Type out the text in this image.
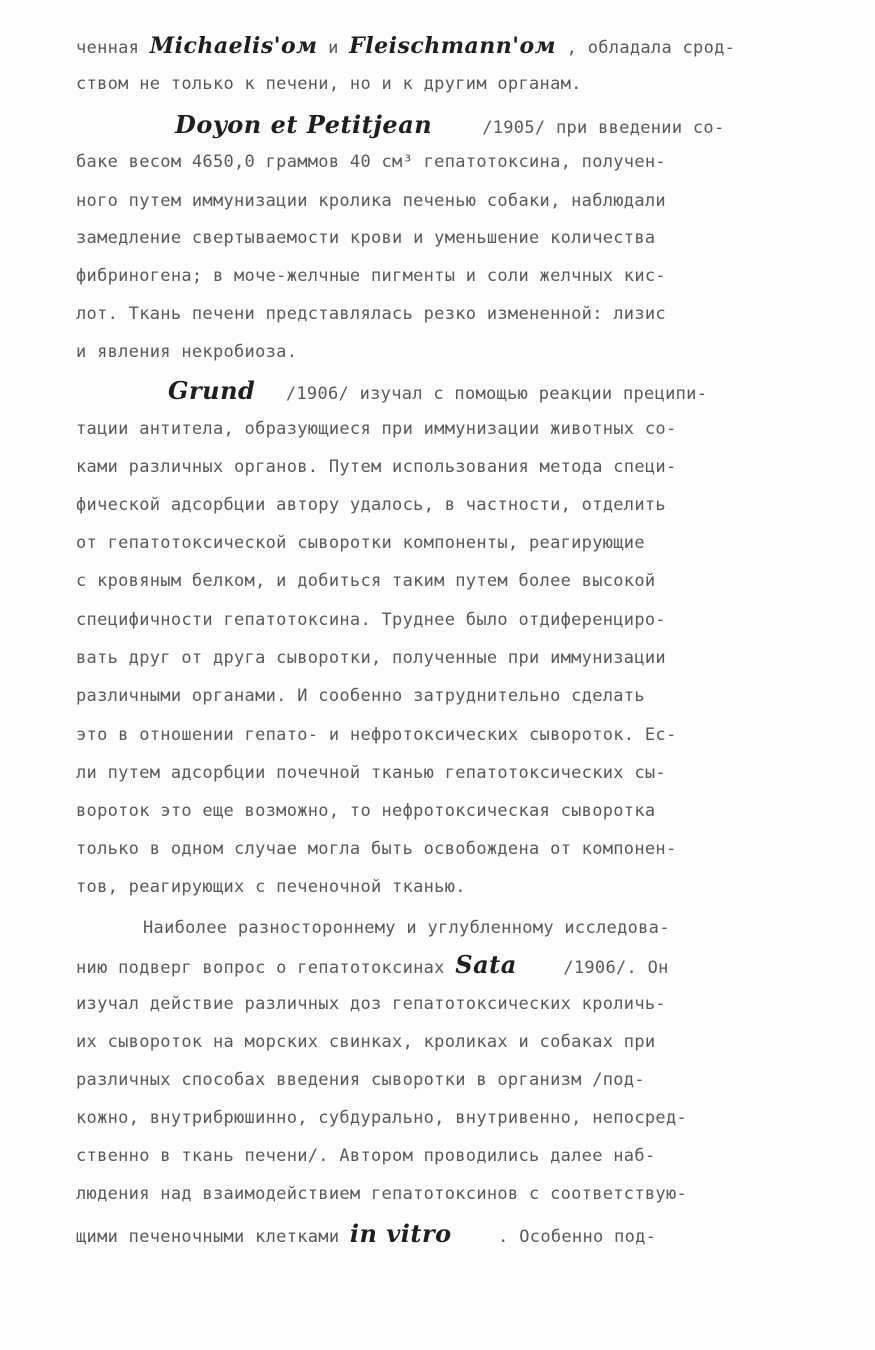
ченная Michaelis'ом и Fleischmann'ом , обладала срод-
ством не только к печени, но и к другим органам.
Doyon et Petitjean	/1905/ при введении со-
баке весом 4650,0 граммов 40 см³ гепатотоксина, получен-
ного путем иммунизации кролика печенью собаки, наблюдали
замедление свертываемости крови и уменьшение количества
фибриногена; в моче-желчные пигменты и соли желчных кис-
лот. Ткань печени представлялась резко измененной: лизис
и явления некробиоза.
Grund /1906/ изучал с помощью реакции преципи-
тации антитела, образующиеся при иммунизации животных со-
ками различных органов. Путем использования метода специ-
фической адсорбции автору удалось, в частности, отделить
от гепатотоксической сыворотки компоненты, реагирующие
с кровяным белком, и добиться таким путем более высокой
специфичности гепатотоксина. Труднее было отдиференциро-
вать друг от друга сыворотки, полученные при иммунизации
различными органами. И сообенно затруднительно сделать
это в отношении гепато- и нефротоксических сывороток. Ес-
ли путем адсорбции почечной тканью гепатотоксических сы-
вороток это еще возможно, то нефротоксическая сыворотка
только в одном случае могла быть освобождена от компонен-
тов, реагирующих с печеночной тканью.
Наиболее разностороннему и углубленному исследова-
нию подверг вопрос о гепатотоксинах Sata /1906/. Он
изучал действие различных доз гепатотоксических кроличь-
их сывороток на морских свинках, кроликах и собаках при
различных способах введения сыворотки в организм /под-
кожно, внутрибрюшинно, субдурально, внутривенно, непосред-
ственно в ткань печени/. Автором проводились далее наб-
людения над взаимодействием гепатотоксинов с соответствую-
щими печеночными клетками in vitro . Особенно под-
